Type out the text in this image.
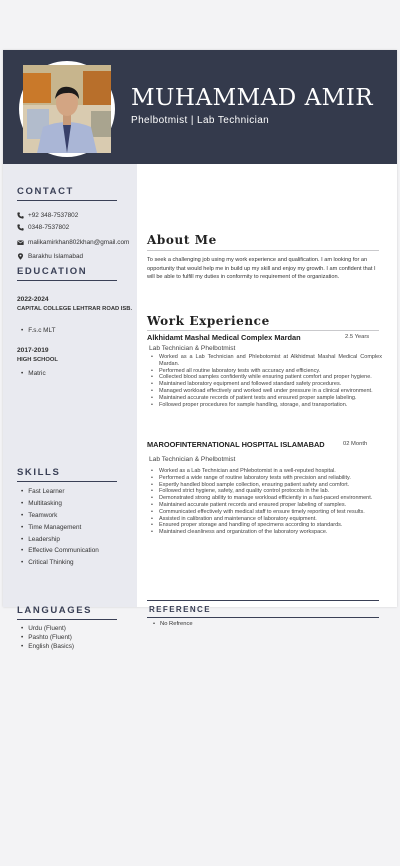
MUHAMMAD AMIR
Phelbotmist | Lab Technician
CONTACT
+92 348-7537802
0348-7537802
malikamirkhan802khan@gmail.com
Barakhu Islamabad
EDUCATION
2022-2024
CAPITAL COLLEGE LEHTRAR ROAD ISB.
• F.s.c MLT
2017-2019
HIGH SCHOOL
• Matric
SKILLS
• Fast Learner
• Multitasking
• Teamwork
• Time Management
• Leadership
• Effective Communication
• Critical Thinking
LANGUAGES
• Urdu (Fluent)
• Pashto (Fluent)
• English (Basics)
About Me
To seek a challenging job using my work experience and qualification. I am looking for an opportunity that would help me in build up my skill and enjoy my growth. I am confident that I will be able to fulfill my duties in conformity to requirement of the organization.
Work Experience
Alkhidamt Mashal Medical Complex Mardan	2.5 Years
Lab Technician & Phelbotmist
• Worked as a Lab Technician and Phlebotomist at Alkhidmat Mashal Medical Complex Mardan.
• Performed all routine laboratory tests with accuracy and efficiency.
• Collected blood samples confidently while ensuring patient comfort and proper hygiene.
• Maintained laboratory equipment and followed standard safety procedures.
• Managed workload effectively and worked well under pressure in a clinical environment.
• Maintained accurate records of patient tests and ensured proper sample labeling.
• Followed proper procedures for sample handling, storage, and transportation.
MAROOFINTERNATIONAL HOSPITAL ISLAMABAD	02 Month
Lab Technician & Phelbotmist
• Worked as a Lab Technician and Phlebotomist in a well-reputed hospital.
• Performed a wide range of routine laboratory tests with precision and reliability.
• Expertly handled blood sample collection, ensuring patient safety and comfort.
• Followed strict hygiene, safety, and quality control protocols in the lab.
• Demonstrated strong ability to manage workload efficiently in a fast-paced environment.
• Maintained accurate patient records and ensured proper labeling of samples.
• Communicated effectively with medical staff to ensure timely reporting of test results.
• Assisted in calibration and maintenance of laboratory equipment.
• Ensured proper storage and handling of specimens according to standards.
• Maintained cleanliness and organization of the laboratory workspace.
REFERENCE
• No Refrence
